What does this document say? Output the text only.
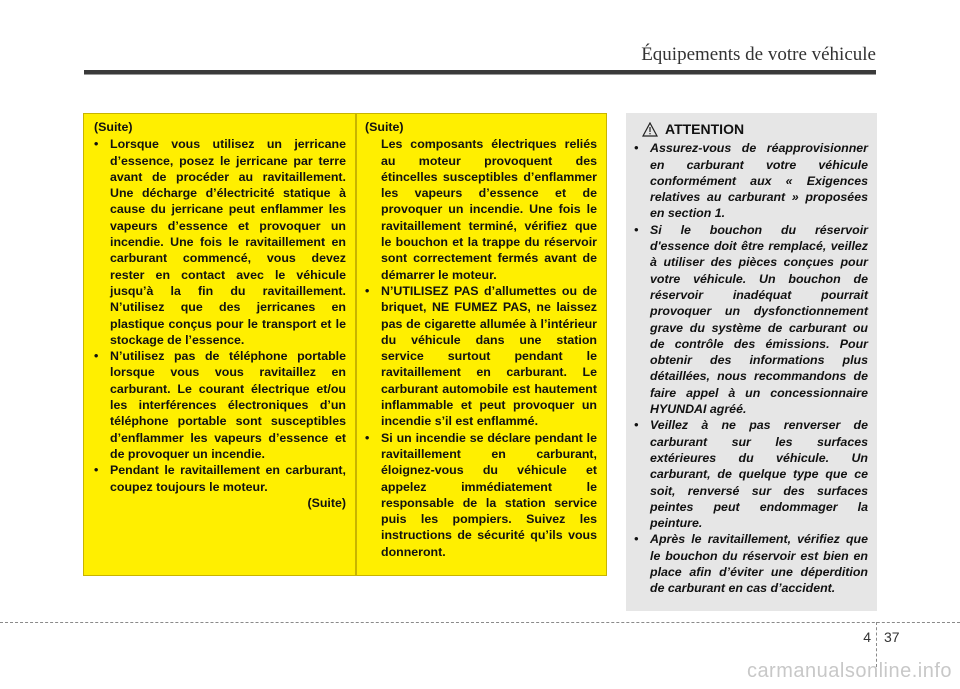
Équipements de votre véhicule
(Suite)
• Lorsque vous utilisez un jerricane d’essence, posez le jerricane par terre avant de procéder au ravitaillement. Une décharge d’électricité statique à cause du jerricane peut enflammer les vapeurs d’essence et provoquer un incendie. Une fois le ravitaillement en carburant commencé, vous devez rester en contact avec le véhicule jusqu’à la fin du ravitaillement. N’utilisez que des jerricanes en plastique conçus pour le transport et le stockage de l’essence.
• N’utilisez pas de téléphone portable lorsque vous vous ravitaillez en carburant. Le courant électrique et/ou les interférences électroniques d’un téléphone portable sont susceptibles d’enflammer les vapeurs d’essence et de provoquer un incendie.
• Pendant le ravitaillement en carburant, coupez toujours le moteur.
(Suite)
(Suite)
Les composants électriques reliés au moteur provoquent des étincelles susceptibles d’enflammer les vapeurs d’essence et de provoquer un incendie. Une fois le ravitaillement terminé, vérifiez que le bouchon et la trappe du réservoir sont correctement fermés avant de démarrer le moteur.
• N’UTILISEZ PAS d’allumettes ou de briquet, NE FUMEZ PAS, ne laissez pas de cigarette allumée à l’intérieur du véhicule dans une station service surtout pendant le ravitaillement en carburant. Le carburant automobile est hautement inflammable et peut provoquer un incendie s’il est enflammé.
• Si un incendie se déclare pendant le ravitaillement en carburant, éloignez-vous du véhicule et appelez immédiatement le responsable de la station service puis les pompiers. Suivez les instructions de sécurité qu’ils vous donneront.
ATTENTION
• Assurez-vous de réapprovisionner en carburant votre véhicule conformément aux « Exigences relatives au carburant » proposées en section 1.
• Si le bouchon du réservoir d'essence doit être remplacé, veillez à utiliser des pièces conçues pour votre véhicule. Un bouchon de réservoir inadéquat pourrait provoquer un dysfonctionnement grave du système de carburant ou de contrôle des émissions. Pour obtenir des informations plus détaillées, nous recommandons de faire appel à un concessionnaire HYUNDAI agréé.
• Veillez à ne pas renverser de carburant sur les surfaces extérieures du véhicule. Un carburant, de quelque type que ce soit, renversé sur des surfaces peintes peut endommager la peinture.
• Après le ravitaillement, vérifiez que le bouchon du réservoir est bien en place afin d’éviter une déperdition de carburant en cas d’accident.
4 37
carmanualsonline.info
